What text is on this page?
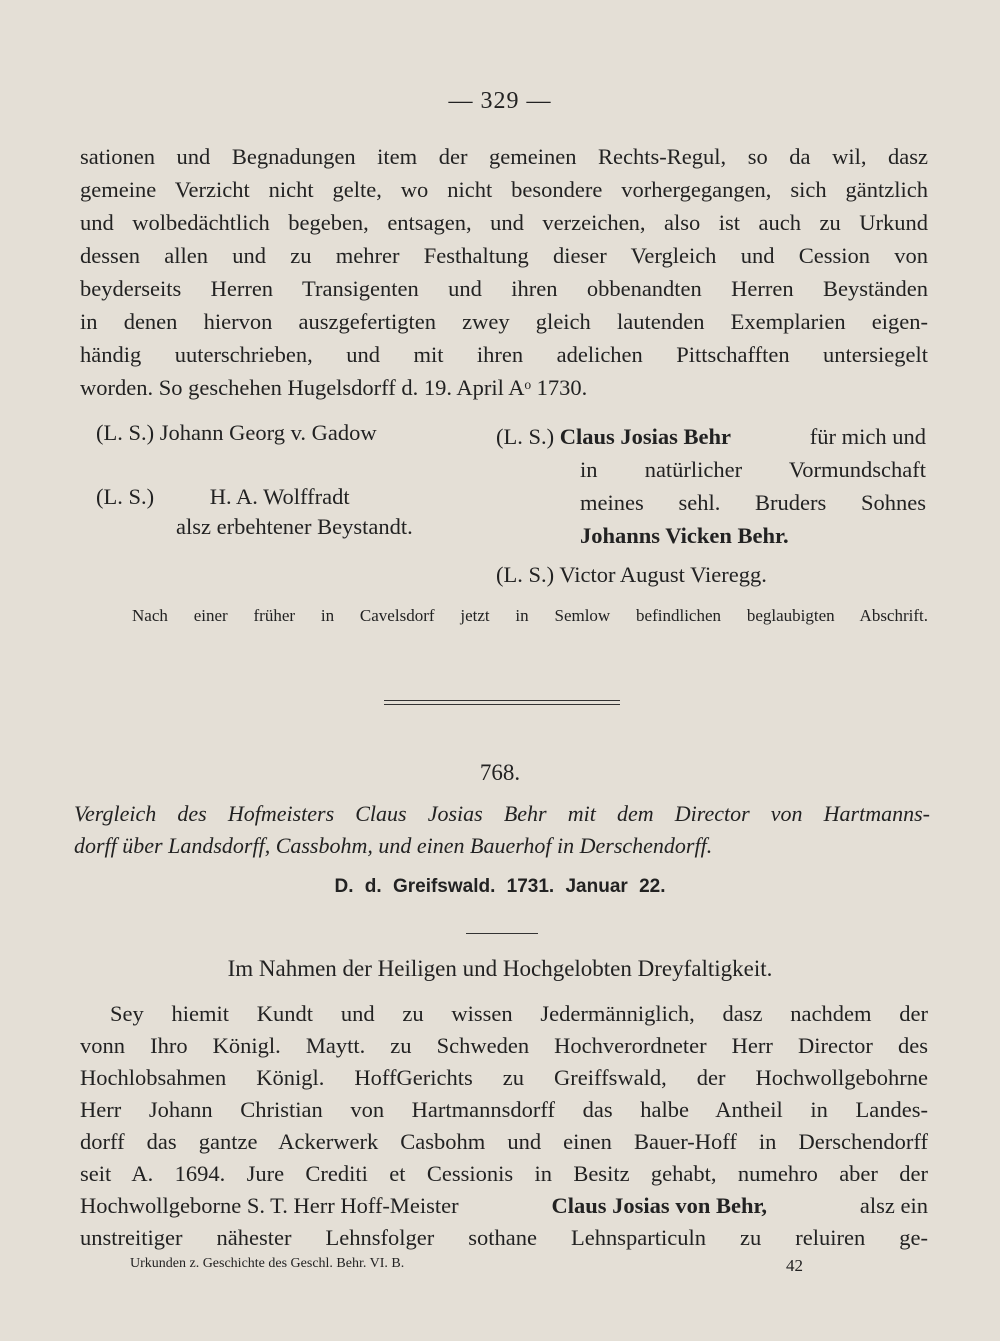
— 329 —
sationen und Begnadungen item der gemeinen Rechts-Regul, so da wil, dasz
gemeine Verzicht nicht gelte, wo nicht besondere vorhergegangen, sich gäntzlich
und wolbedächtlich begeben, entsagen, und verzeichen, also ist auch zu Urkund
dessen allen und zu mehrer Festhaltung dieser Vergleich und Cession von
beyderseits Herren Transigenten und ihren obbenandten Herren Beyständen
in denen hiervon auszgefertigten zwey gleich lautenden Exemplarien eigen-
händig uuterschrieben, und mit ihren adelichen Pittschafften untersiegelt
worden. So geschehen Hugelsdorff d. 19. April Aᵒ 1730.
(L. S.) Johann Georg v. Gadow
(L. S.) H. A. Wolffradt
alsz erbehtener Beystandt.
(L. S.) Claus Josias Behr	für mich und
in natürlicher Vormundschaft
meines sehl. Bruders Sohnes
Johanns Vicken Behr.
(L. S.) Victor August Vieregg.
Nach einer früher in Cavelsdorf jetzt in Semlow befindlichen beglaubigten Abschrift.
768.
Vergleich des Hofmeisters Claus Josias Behr mit dem Director von Hartmanns-
dorff über Landsdorff, Cassbohm, und einen Bauerhof in Derschendorff.
D. d. Greifswald. 1731. Januar 22.
Im Nahmen der Heiligen und Hochgelobten Dreyfaltigkeit.
Sey hiemit Kundt und zu wissen Jedermänniglich, dasz nachdem der
vonn Ihro Königl. Maytt. zu Schweden Hochverordneter Herr Director des
Hochlobsahmen Königl. HoffGerichts zu Greiffswald, der Hochwollgebohrne
Herr Johann Christian von Hartmannsdorff das halbe Antheil in Landes-
dorff das gantze Ackerwerk Casbohm und einen Bauer-Hoff in Derschendorff
seit A. 1694. Jure Crediti et Cessionis in Besitz gehabt, numehro aber der
Hochwollgeborne S. T. Herr Hoff-Meister	Claus Josias von Behr,	alsz ein
unstreitiger nähester Lehnsfolger sothane Lehnsparticuln zu reluiren ge-
Urkunden z. Geschichte des Geschl. Behr. VI. B.	42
